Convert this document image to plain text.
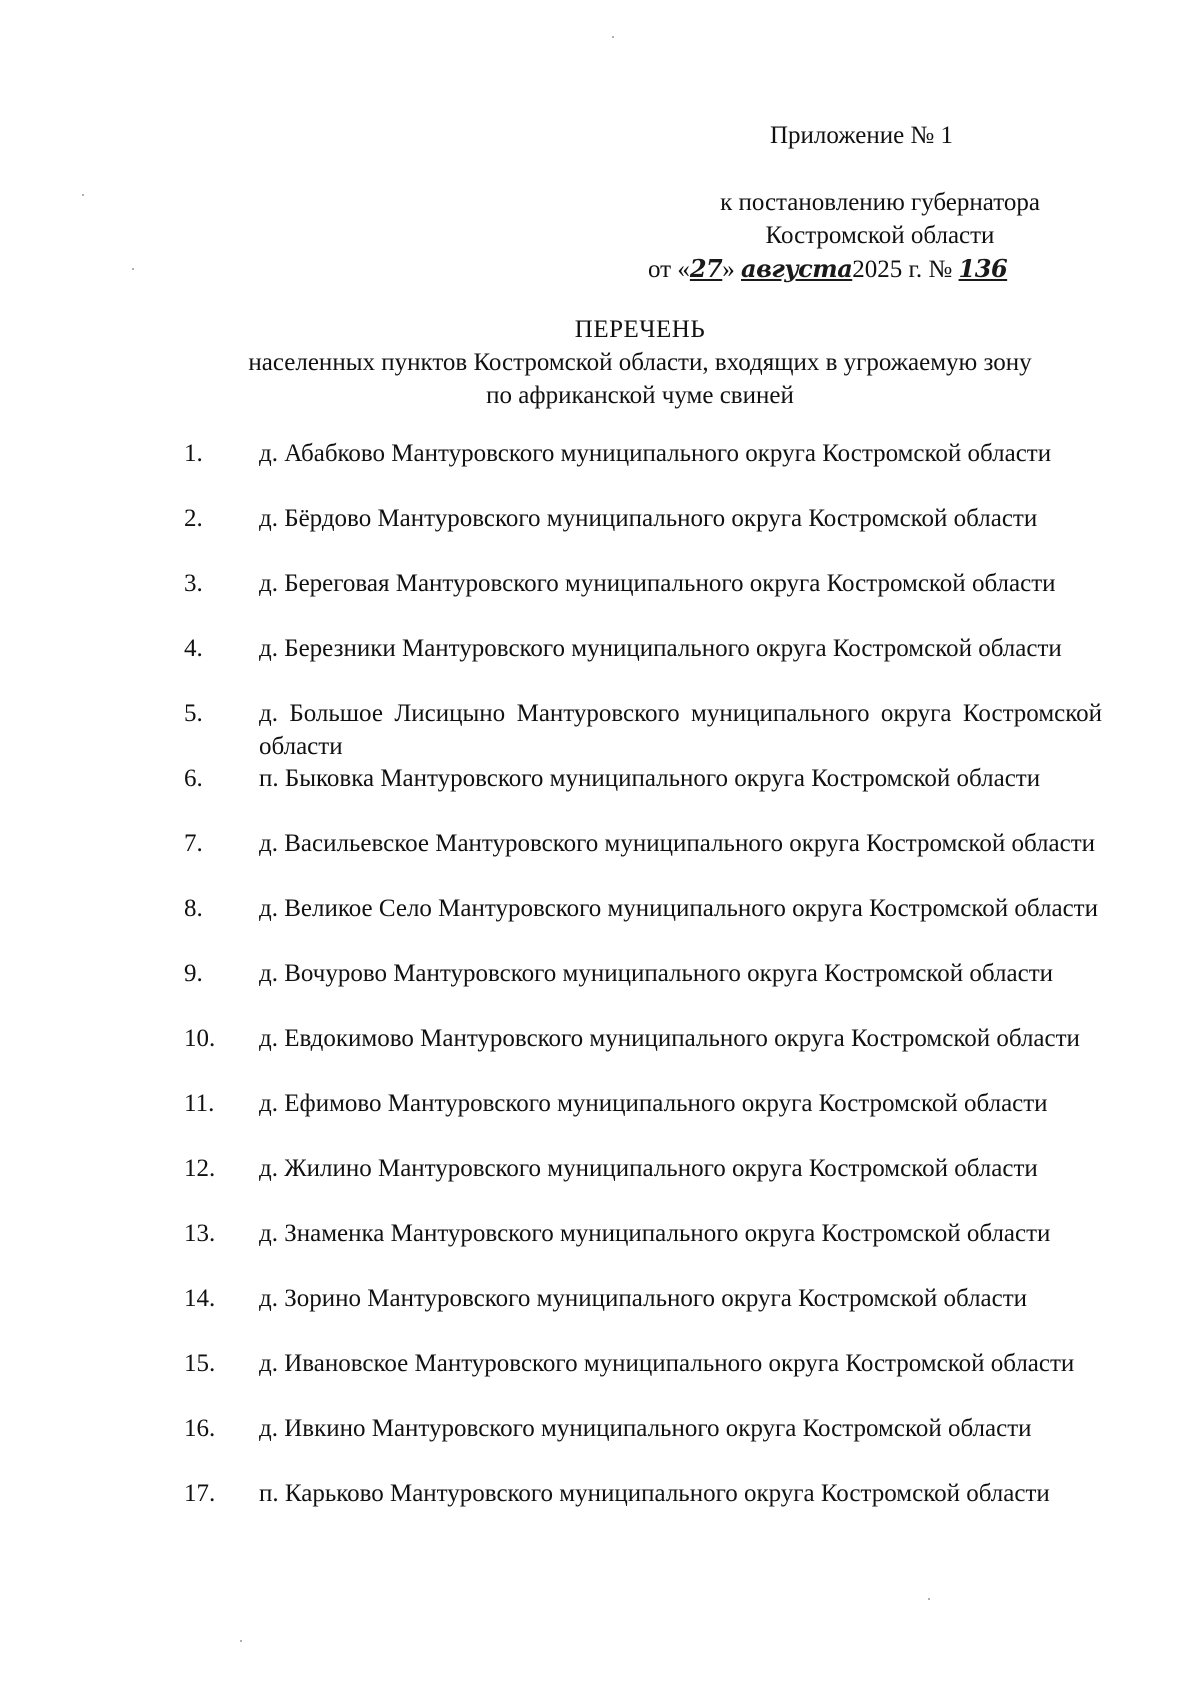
Приложение № 1
к постановлению губернатора
Костромской области
от «27» августа2025 г. № 136
ПЕРЕЧЕНЬ
населенных пунктов Костромской области, входящих в угрожаемую зону
по африканской чуме свиней
1. д. Абабково Мантуровского муниципального округа Костромской области
2. д. Бёрдово Мантуровского муниципального округа Костромской области
3. д. Береговая Мантуровского муниципального округа Костромской области
4. д. Березники Мантуровского муниципального округа Костромской области
5. д. Большое Лисицыно Мантуровского муниципального округа Костромской области
6. п. Быковка Мантуровского муниципального округа Костромской области
7. д. Васильевское Мантуровского муниципального округа Костромской области
8. д. Великое Село Мантуровского муниципального округа Костромской области
9. д. Вочурово Мантуровского муниципального округа Костромской области
10. д. Евдокимово Мантуровского муниципального округа Костромской области
11. д. Ефимово Мантуровского муниципального округа Костромской области
12. д. Жилино Мантуровского муниципального округа Костромской области
13. д. Знаменка Мантуровского муниципального округа Костромской области
14. д. Зорино Мантуровского муниципального округа Костромской области
15. д. Ивановское Мантуровского муниципального округа Костромской области
16. д. Ивкино Мантуровского муниципального округа Костромской области
17. п. Карьково Мантуровского муниципального округа Костромской области
